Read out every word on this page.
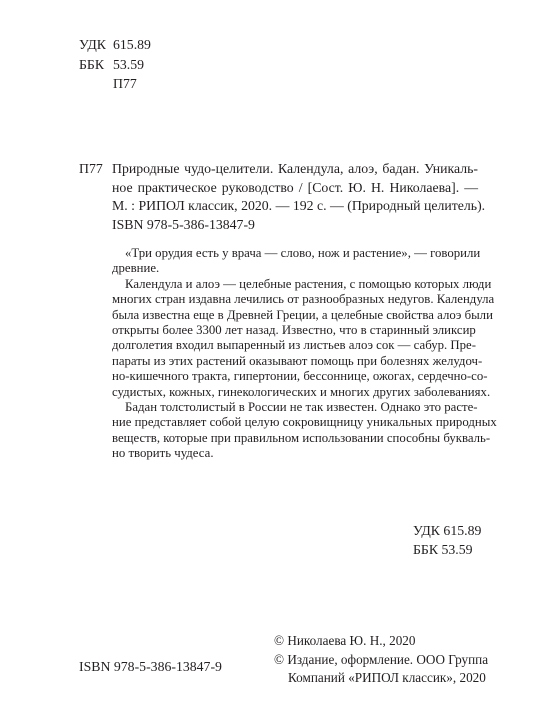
УДК 615.89
ББК 53.59
П77
П77 Природные чудо-целители. Календула, алоэ, бадан. Уникаль-
ное практическое руководство / [Сост. Ю. Н. Николаева]. —
М. : РИПОЛ классик, 2020. — 192 с. — (Природный целитель).
ISBN 978-5-386-13847-9
«Три орудия есть у врача — слово, нож и растение», — говорили
древние.
Календула и алоэ — целебные растения, с помощью которых люди
многих стран издавна лечились от разнообразных недугов. Календула
была известна еще в Древней Греции, а целебные свойства алоэ были
открыты более 3300 лет назад. Известно, что в старинный эликсир
долголетия входил выпаренный из листьев алоэ сок — сабур. Пре-
параты из этих растений оказывают помощь при болезнях желудоч-
но-кишечного тракта, гипертонии, бессоннице, ожогах, сердечно-со-
судистых, кожных, гинекологических и многих других заболеваниях.
Бадан толстолистый в России не так известен. Однако это расте-
ние представляет собой целую сокровищницу уникальных природных
веществ, которые при правильном использовании способны букваль-
но творить чудеса.
УДК 615.89
ББК 53.59
© Николаева Ю. Н., 2020
© Издание, оформление. ООО Группа
Компаний «РИПОЛ классик», 2020
ISBN 978-5-386-13847-9
